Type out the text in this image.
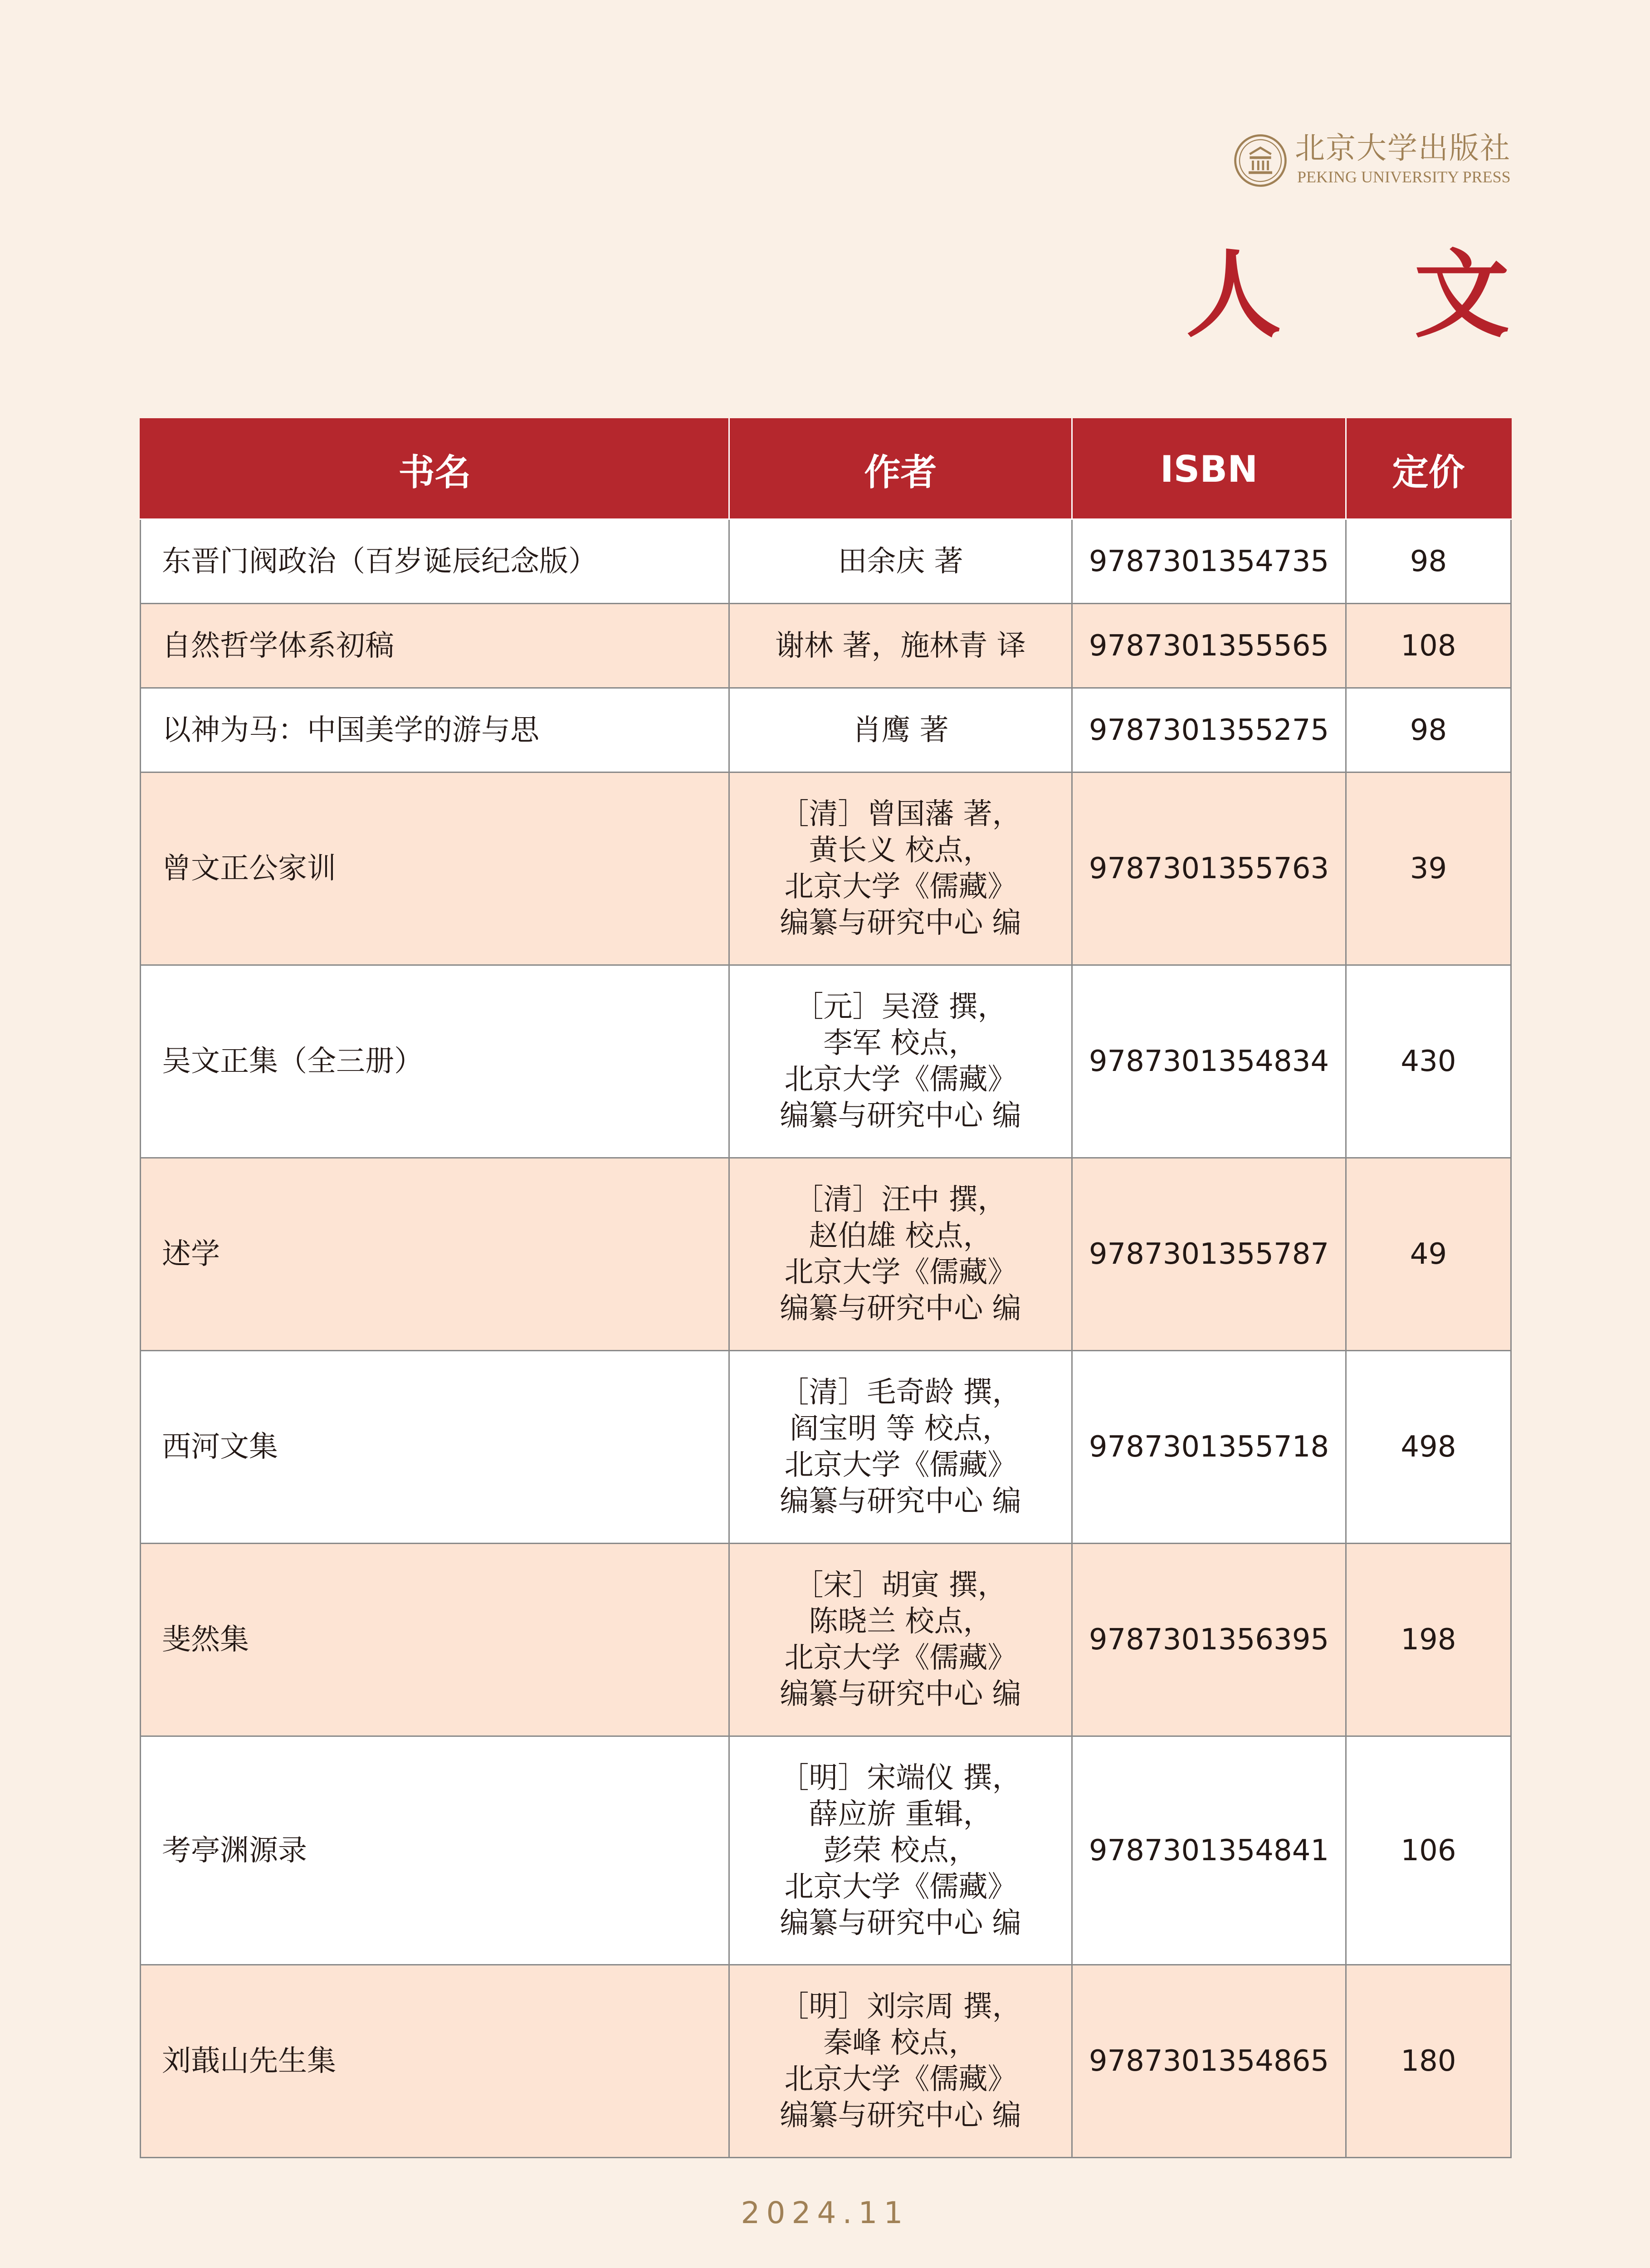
北京大学出版社
PEKING UNIVERSITY PRESS
人 文
书名	作者	ISBN	定价
东晋门阀政治（百岁诞辰纪念版）	田余庆 著	9787301354735	98
自然哲学体系初稿	谢林 著，施林青 译	9787301355565	108
以神为马：中国美学的游与思	肖鹰 著	9787301355275	98
曾文正公家训	［清］曾国藩 著，
黄长义 校点，
北京大学《儒藏》
编纂与研究中心 编	9787301355763	39
吴文正集（全三册）	［元］吴澄 撰，
李军 校点，
北京大学《儒藏》
编纂与研究中心 编	9787301354834	430
述学	［清］汪中 撰，
赵伯雄 校点，
北京大学《儒藏》
编纂与研究中心 编	9787301355787	49
西河文集	［清］毛奇龄 撰，
阎宝明 等 校点，
北京大学《儒藏》
编纂与研究中心 编	9787301355718	498
斐然集	［宋］胡寅 撰，
陈晓兰 校点，
北京大学《儒藏》
编纂与研究中心 编	9787301356395	198
考亭渊源录	［明］宋端仪 撰，
薛应旂 重辑，
彭荣 校点，
北京大学《儒藏》
编纂与研究中心 编	9787301354841	106
刘蕺山先生集	［明］刘宗周 撰，
秦峰 校点，
北京大学《儒藏》
编纂与研究中心 编	9787301354865	180
2024.11
